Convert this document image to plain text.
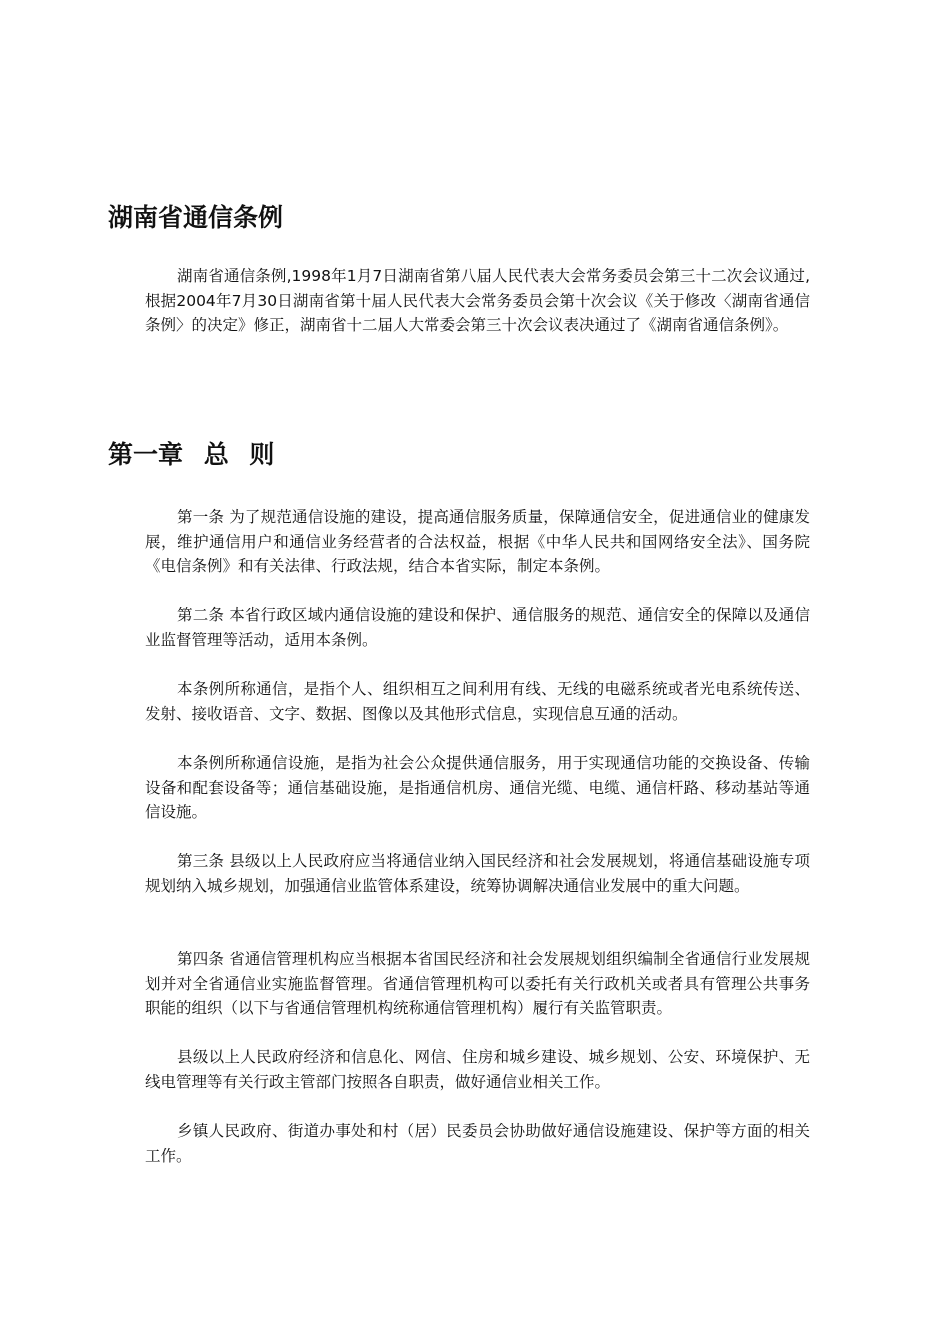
湖南省通信条例

湖南省通信条例,1998年1月7日湖南省第八届人民代表大会常务委员会第三十二次会议通过,根据2004年7月30日湖南省第十届人民代表大会常务委员会第十次会议《关于修改〈湖南省通信条例〉的决定》修正，湖南省十二届人大常委会第三十次会议表决通过了《湖南省通信条例》。

第一章 总 则

第一条 为了规范通信设施的建设，提高通信服务质量，保障通信安全，促进通信业的健康发展，维护通信用户和通信业务经营者的合法权益，根据《中华人民共和国网络安全法》、国务院《电信条例》和有关法律、行政法规，结合本省实际，制定本条例。

第二条 本省行政区域内通信设施的建设和保护、通信服务的规范、通信安全的保障以及通信业监督管理等活动，适用本条例。

本条例所称通信，是指个人、组织相互之间利用有线、无线的电磁系统或者光电系统传送、发射、接收语音、文字、数据、图像以及其他形式信息，实现信息互通的活动。

本条例所称通信设施，是指为社会公众提供通信服务，用于实现通信功能的交换设备、传输设备和配套设备等；通信基础设施，是指通信机房、通信光缆、电缆、通信杆路、移动基站等通信设施。

第三条 县级以上人民政府应当将通信业纳入国民经济和社会发展规划，将通信基础设施专项规划纳入城乡规划，加强通信业监管体系建设，统筹协调解决通信业发展中的重大问题。

第四条 省通信管理机构应当根据本省国民经济和社会发展规划组织编制全省通信行业发展规划并对全省通信业实施监督管理。省通信管理机构可以委托有关行政机关或者具有管理公共事务职能的组织（以下与省通信管理机构统称通信管理机构）履行有关监管职责。

县级以上人民政府经济和信息化、网信、住房和城乡建设、城乡规划、公安、环境保护、无线电管理等有关行政主管部门按照各自职责，做好通信业相关工作。

乡镇人民政府、街道办事处和村（居）民委员会协助做好通信设施建设、保护等方面的相关工作。
